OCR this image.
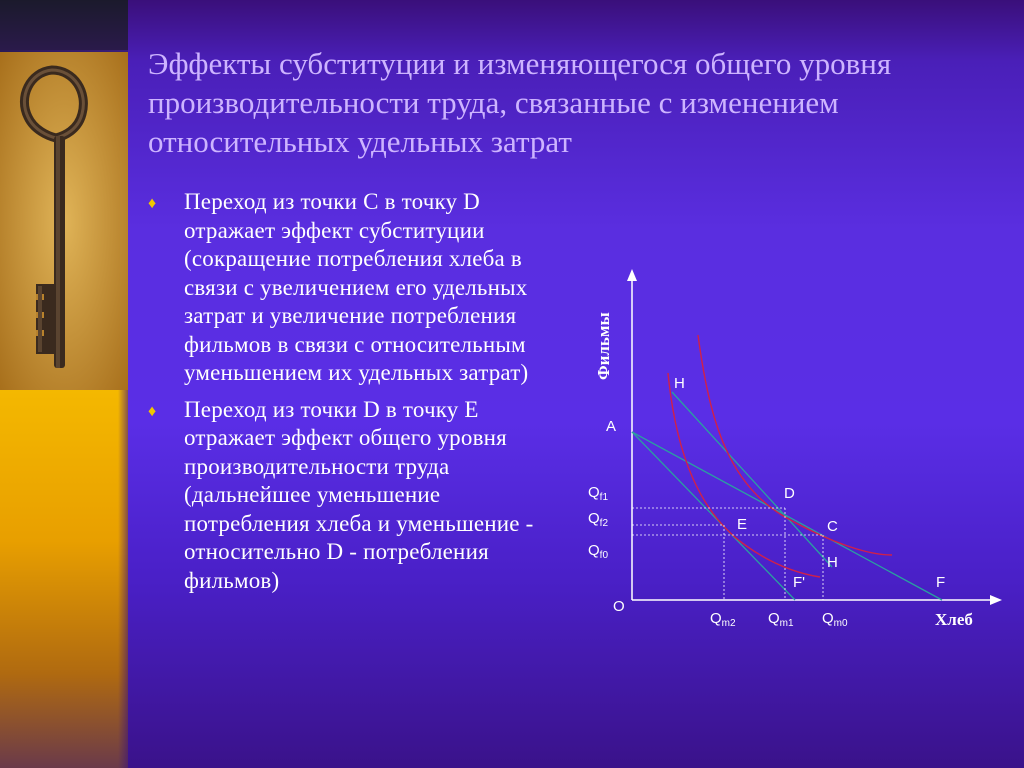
Эффекты субституции и изменяющегося общего уровня производительности труда, связанные с изменением относительных удельных затрат
♦	Переход из точки C в точку D отражает эффект субституции (сокращение потребления хлеба в связи с увеличением его удельных затрат и увеличение потребления фильмов в связи с относительным уменьшением их удельных затрат)
♦	Переход из точки D в точку E отражает эффект общего уровня производительности труда (дальнейшее уменьшение потребления хлеба и уменьшение - относительно D - потребления фильмов)
Фильмы
Хлеб
O
H
A
D
E	C
H
F'	F
$Q_{f1}$
$Q_{f2}$
$Q_{f0}$
$Q_{m2}$ $Q_{m1}$ $Q_{m0}$
